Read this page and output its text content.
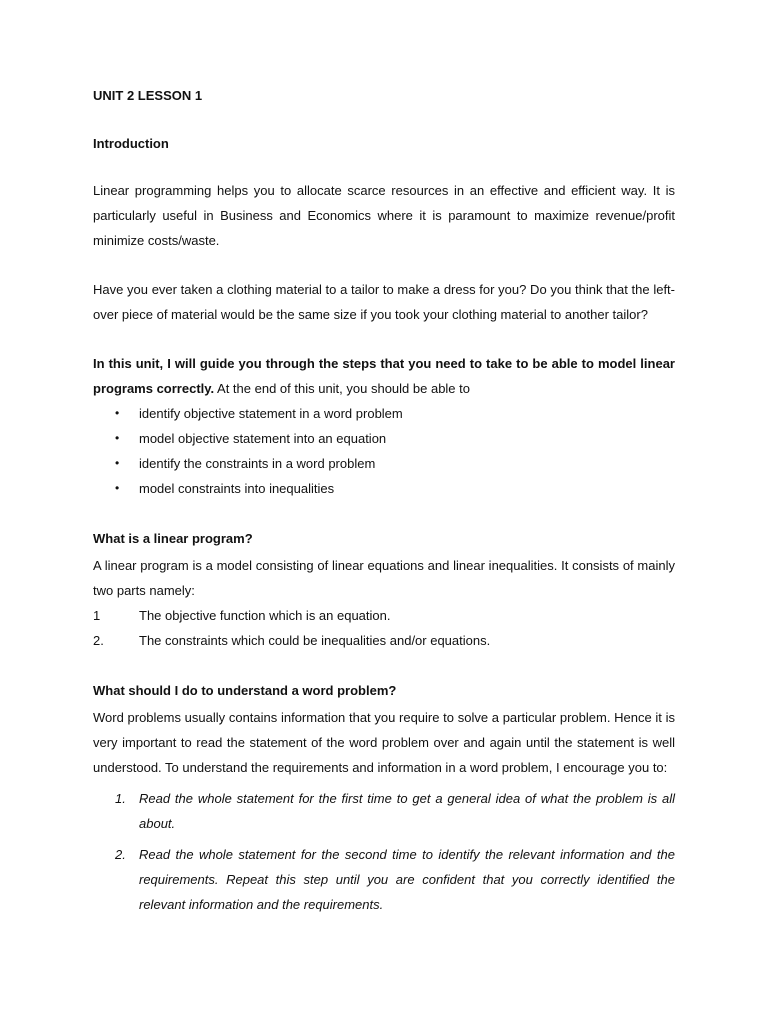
UNIT 2 LESSON 1

Introduction

Linear programming helps you to allocate scarce resources in an effective and efficient way. It is particularly useful in Business and Economics where it is paramount to maximize revenue/profit minimize costs/waste.

Have you ever taken a clothing material to a tailor to make a dress for you? Do you think that the left-over piece of material would be the same size if you took your clothing material to another tailor?

In this unit, I will guide you through the steps that you need to take to be able to model linear programs correctly. At the end of this unit, you should be able to

• identify objective statement in a word problem
• model objective statement into an equation
• identify the constraints in a word problem
• model constraints into inequalities

What is a linear program?

A linear program is a model consisting of linear equations and linear inequalities. It consists of mainly two parts namely:

1	The objective function which is an equation.
2.	The constraints which could be inequalities and/or equations.

What should I do to understand a word problem?

Word problems usually contains information that you require to solve a particular problem. Hence it is very important to read the statement of the word problem over and again until the statement is well understood. To understand the requirements and information in a word problem, I encourage you to:

1. Read the whole statement for the first time to get a general idea of what the problem is all about.
2. Read the whole statement for the second time to identify the relevant information and the requirements. Repeat this step until you are confident that you correctly identified the relevant information and the requirements.
